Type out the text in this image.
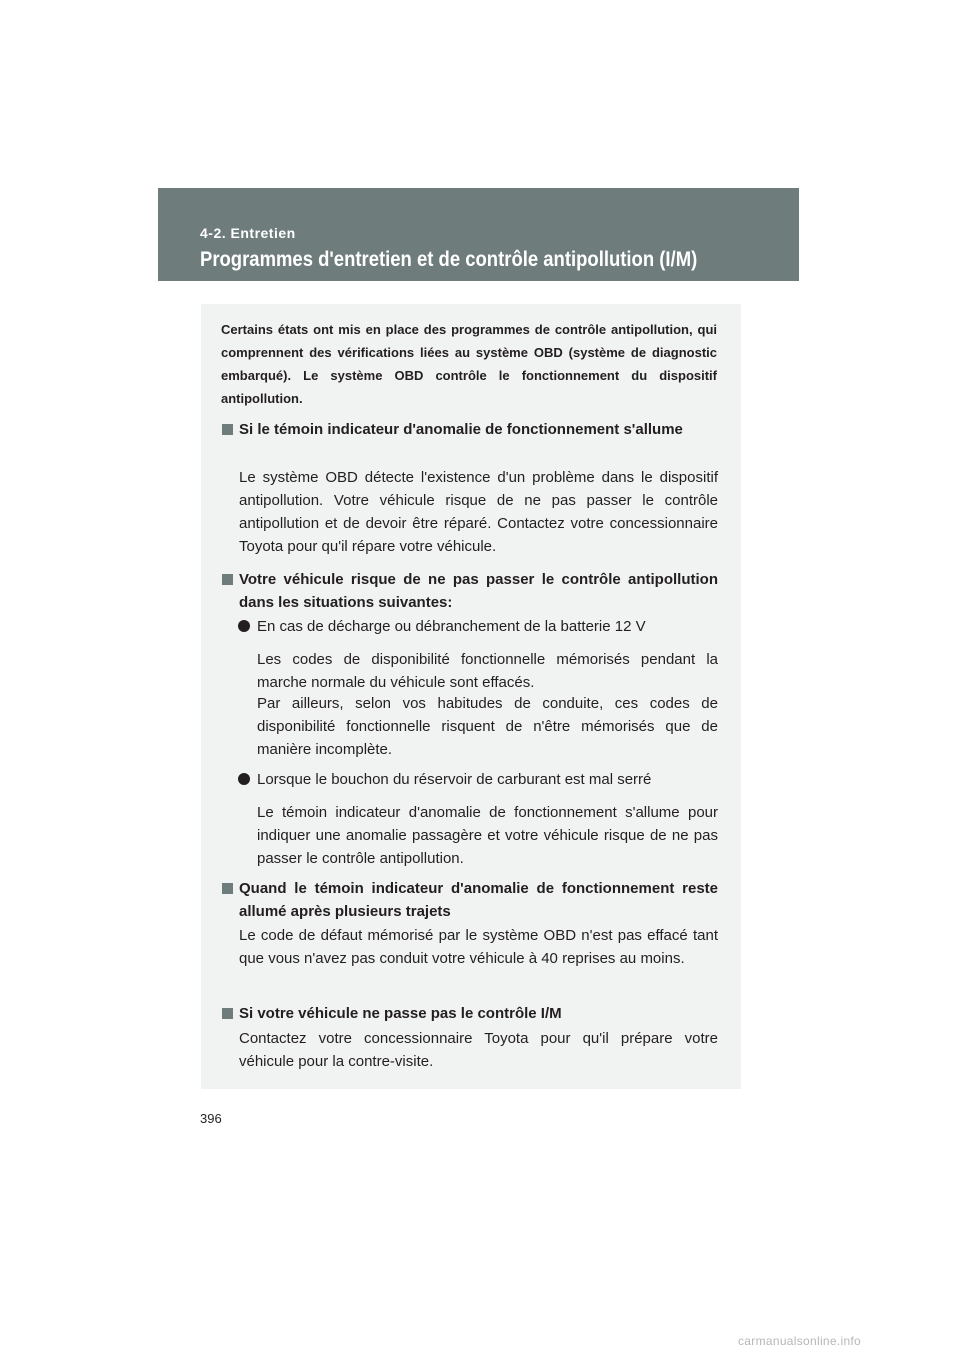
4-2. Entretien
Programmes d'entretien et de contrôle antipollution (I/M)
Certains états ont mis en place des programmes de contrôle antipollution, qui comprennent des vérifications liées au système OBD (système de diagnostic embarqué). Le système OBD contrôle le fonctionnement du dispositif antipollution.
Si le témoin indicateur d'anomalie de fonctionnement s'allume
Le système OBD détecte l'existence d'un problème dans le dispositif antipollution. Votre véhicule risque de ne pas passer le contrôle antipollution et de devoir être réparé. Contactez votre concessionnaire Toyota pour qu'il répare votre véhicule.
Votre véhicule risque de ne pas passer le contrôle antipollution dans les situations suivantes:
En cas de décharge ou débranchement de la batterie 12 V
Les codes de disponibilité fonctionnelle mémorisés pendant la marche normale du véhicule sont effacés.
Par ailleurs, selon vos habitudes de conduite, ces codes de disponibilité fonctionnelle risquent de n'être mémorisés que de manière incomplète.
Lorsque le bouchon du réservoir de carburant est mal serré
Le témoin indicateur d'anomalie de fonctionnement s'allume pour indiquer une anomalie passagère et votre véhicule risque de ne pas passer le contrôle antipollution.
Quand le témoin indicateur d'anomalie de fonctionnement reste allumé après plusieurs trajets
Le code de défaut mémorisé par le système OBD n'est pas effacé tant que vous n'avez pas conduit votre véhicule à 40 reprises au moins.
Si votre véhicule ne passe pas le contrôle I/M
Contactez votre concessionnaire Toyota pour qu'il prépare votre véhicule pour la contre-visite.
396
carmanualsonline.info
